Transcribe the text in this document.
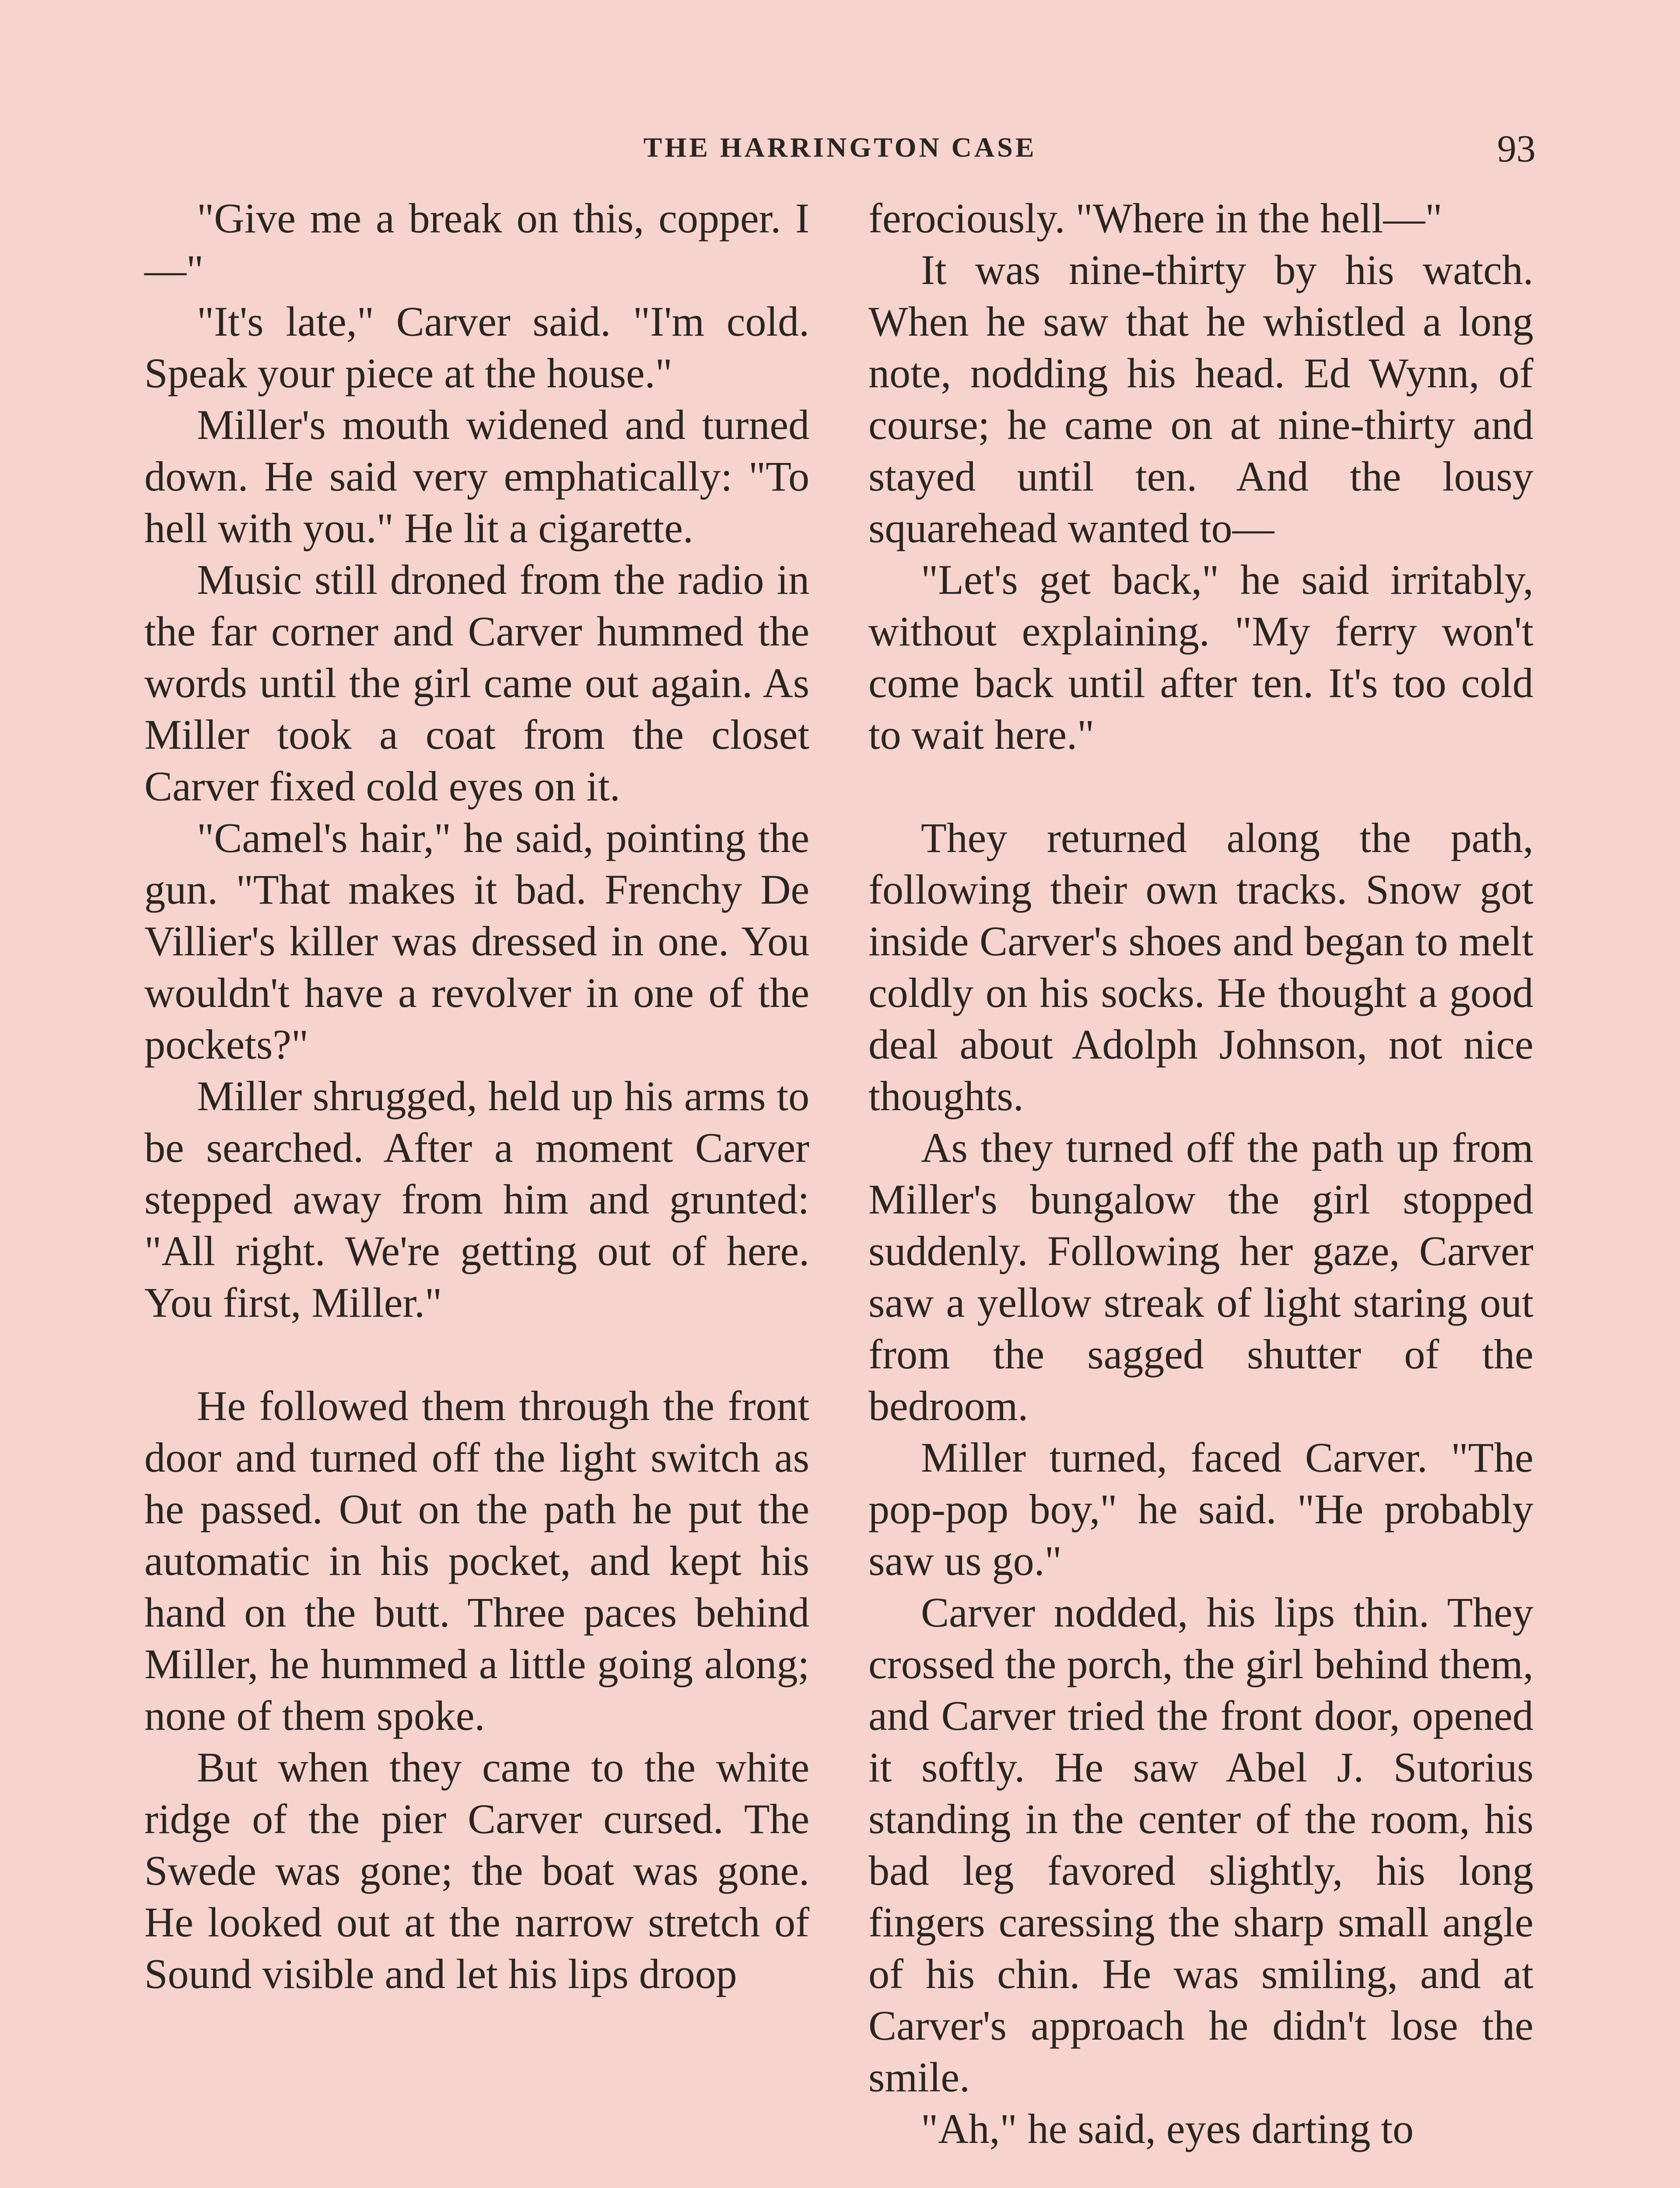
THE HARRINGTON CASE	93

"Give me a break on this, copper. I—"

"It's late," Carver said. "I'm cold. Speak your piece at the house."

Miller's mouth widened and turned down. He said very emphatically: "To hell with you." He lit a cigarette.

Music still droned from the radio in the far corner and Carver hummed the words until the girl came out again. As Miller took a coat from the closet Carver fixed cold eyes on it.

"Camel's hair," he said, pointing the gun. "That makes it bad. Frenchy De Villier's killer was dressed in one. You wouldn't have a revolver in one of the pockets?"

Miller shrugged, held up his arms to be searched. After a moment Carver stepped away from him and grunted: "All right. We're getting out of here. You first, Miller."

He followed them through the front door and turned off the light switch as he passed. Out on the path he put the automatic in his pocket, and kept his hand on the butt. Three paces behind Miller, he hummed a little going along; none of them spoke.

But when they came to the white ridge of the pier Carver cursed. The Swede was gone; the boat was gone. He looked out at the narrow stretch of Sound visible and let his lips droop

ferociously. "Where in the hell—"

It was nine-thirty by his watch. When he saw that he whistled a long note, nodding his head. Ed Wynn, of course; he came on at nine-thirty and stayed until ten. And the lousy squarehead wanted to—

"Let's get back," he said irritably, without explaining. "My ferry won't come back until after ten. It's too cold to wait here."

They returned along the path, following their own tracks. Snow got inside Carver's shoes and began to melt coldly on his socks. He thought a good deal about Adolph Johnson, not nice thoughts.

As they turned off the path up from Miller's bungalow the girl stopped suddenly. Following her gaze, Carver saw a yellow streak of light staring out from the sagged shutter of the bedroom.

Miller turned, faced Carver. "The pop-pop boy," he said. "He probably saw us go."

Carver nodded, his lips thin. They crossed the porch, the girl behind them, and Carver tried the front door, opened it softly. He saw Abel J. Sutorius standing in the center of the room, his bad leg favored slightly, his long fingers caressing the sharp small angle of his chin. He was smiling, and at Carver's approach he didn't lose the smile.

"Ah," he said, eyes darting to
